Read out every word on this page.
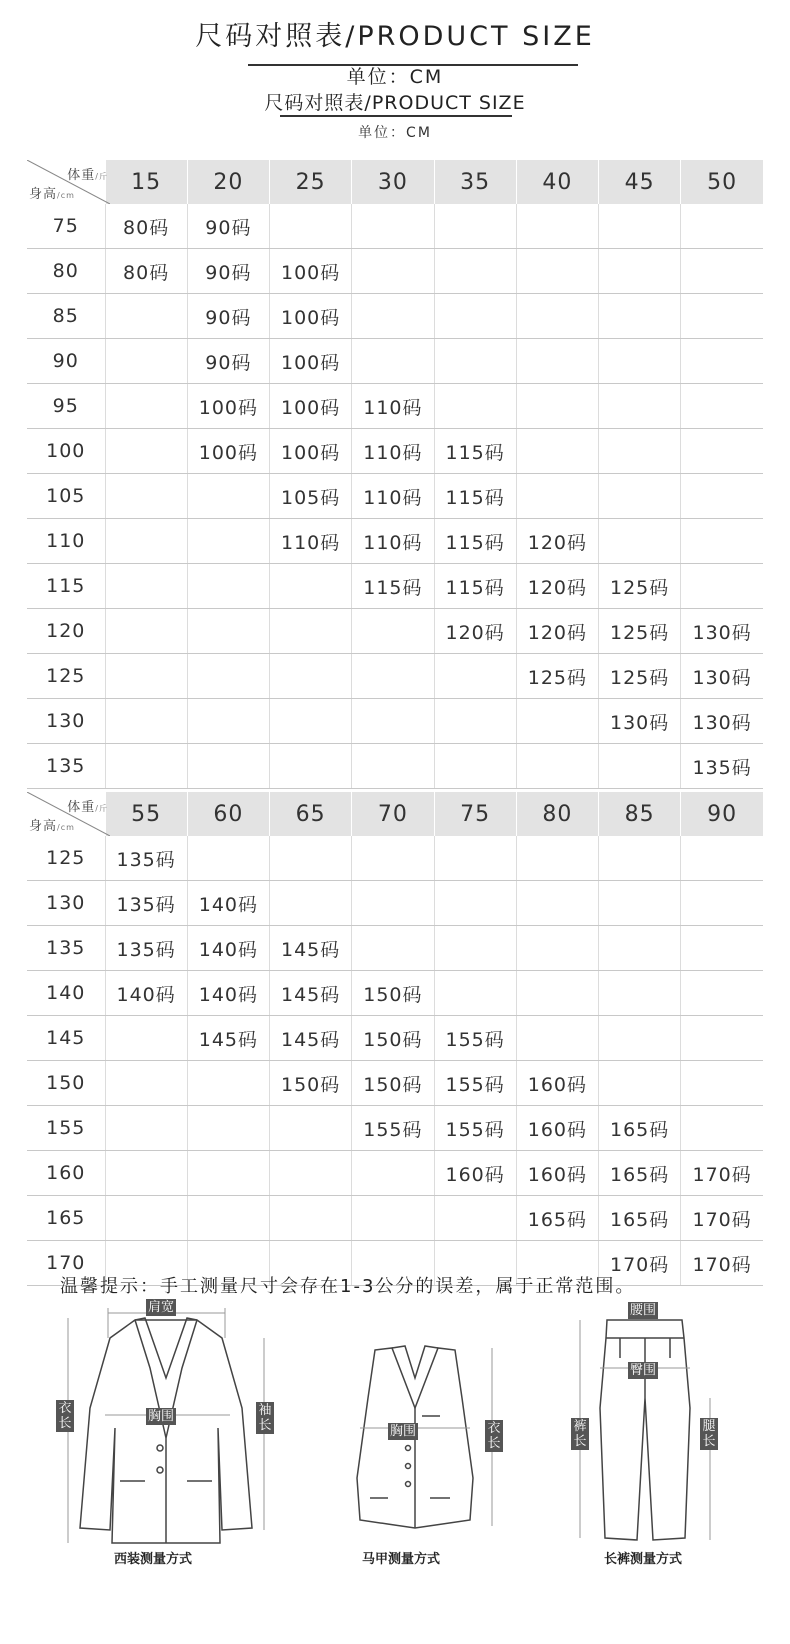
尺码对照表/PRODUCT SIZE
单位：CM
尺码对照表/PRODUCT SIZE
单位：CM
体重/斤
身高/cm	15	20	25	30	35	40	45	50
75	80码	90码						
80	80码	90码	100码					
85		90码	100码					
90		90码	100码					
95		100码	100码	110码				
100		100码	100码	110码	115码			
105			105码	110码	115码			
110			110码	110码	115码	120码		
115				115码	115码	120码	125码	
120					120码	120码	125码	130码
125						125码	125码	130码
130							130码	130码
135								135码
体重/斤
身高/cm	55	60	65	70	75	80	85	90
125	135码							
130	135码	140码						
135	135码	140码	145码					
140	140码	140码	145码	150码				
145		145码	145码	150码	155码			
150			150码	150码	155码	160码		
155				155码	155码	160码	165码	
160					160码	160码	165码	170码
165						165码	165码	170码
170							170码	170码
温馨提示：手工测量尺寸会存在1-3公分的误差，属于正常范围。
肩宽
胸围
衣长
袖长
西装测量方式
胸围	衣长
马甲测量方式
腰围
臀围
裤长
腿长
长裤测量方式
